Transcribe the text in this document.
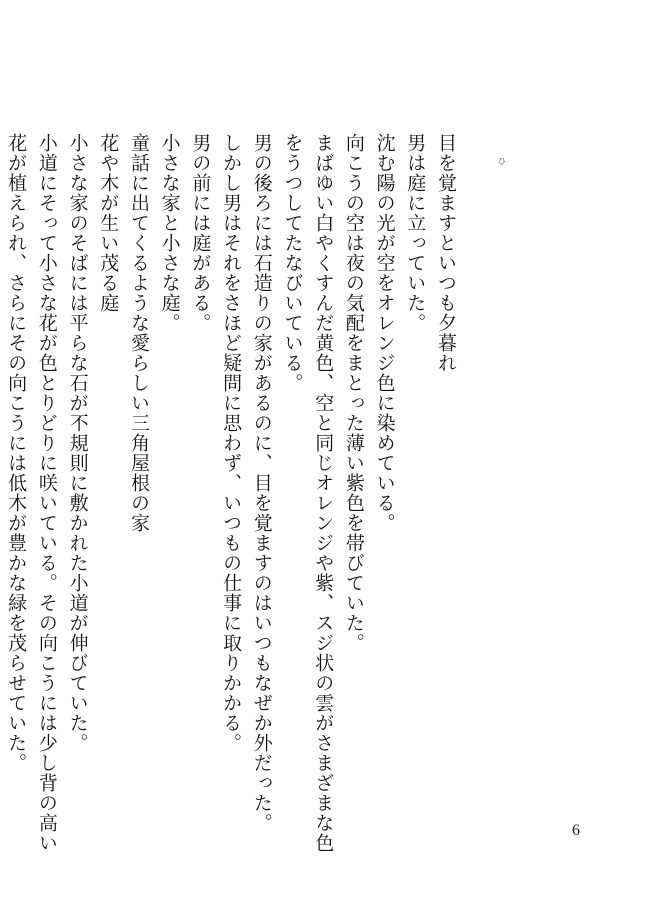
目を覚ますといつも夕暮れ
男は庭に立っていた。
沈む陽の光が空をオレンジ色に染めている。
向こうの空は夜の気配をまとった薄い紫色を帯びていた。
まばゆい白やくすんだ黄色、空と同じオレンジや紫、スジ状の雲がさまざまな色
をうつしてたなびいている。
男の後ろには石造りの家があるのに、目を覚ますのはいつもなぜか外だった。
しかし男はそれをさほど疑問に思わず、いつもの仕事に取りかかる。
男の前には庭がある。
小さな家と小さな庭。
童話に出てくるような愛らしい三角屋根の家
花や木が生い茂る庭
小さな家のそばには平らな石が不規則に敷かれた小道が伸びていた。
小道にそって小さな花が色とりどりに咲いている。その向こうには少し背の高い
花が植えられ、さらにその向こうには低木が豊かな緑を茂らせていた。	ひ
6
